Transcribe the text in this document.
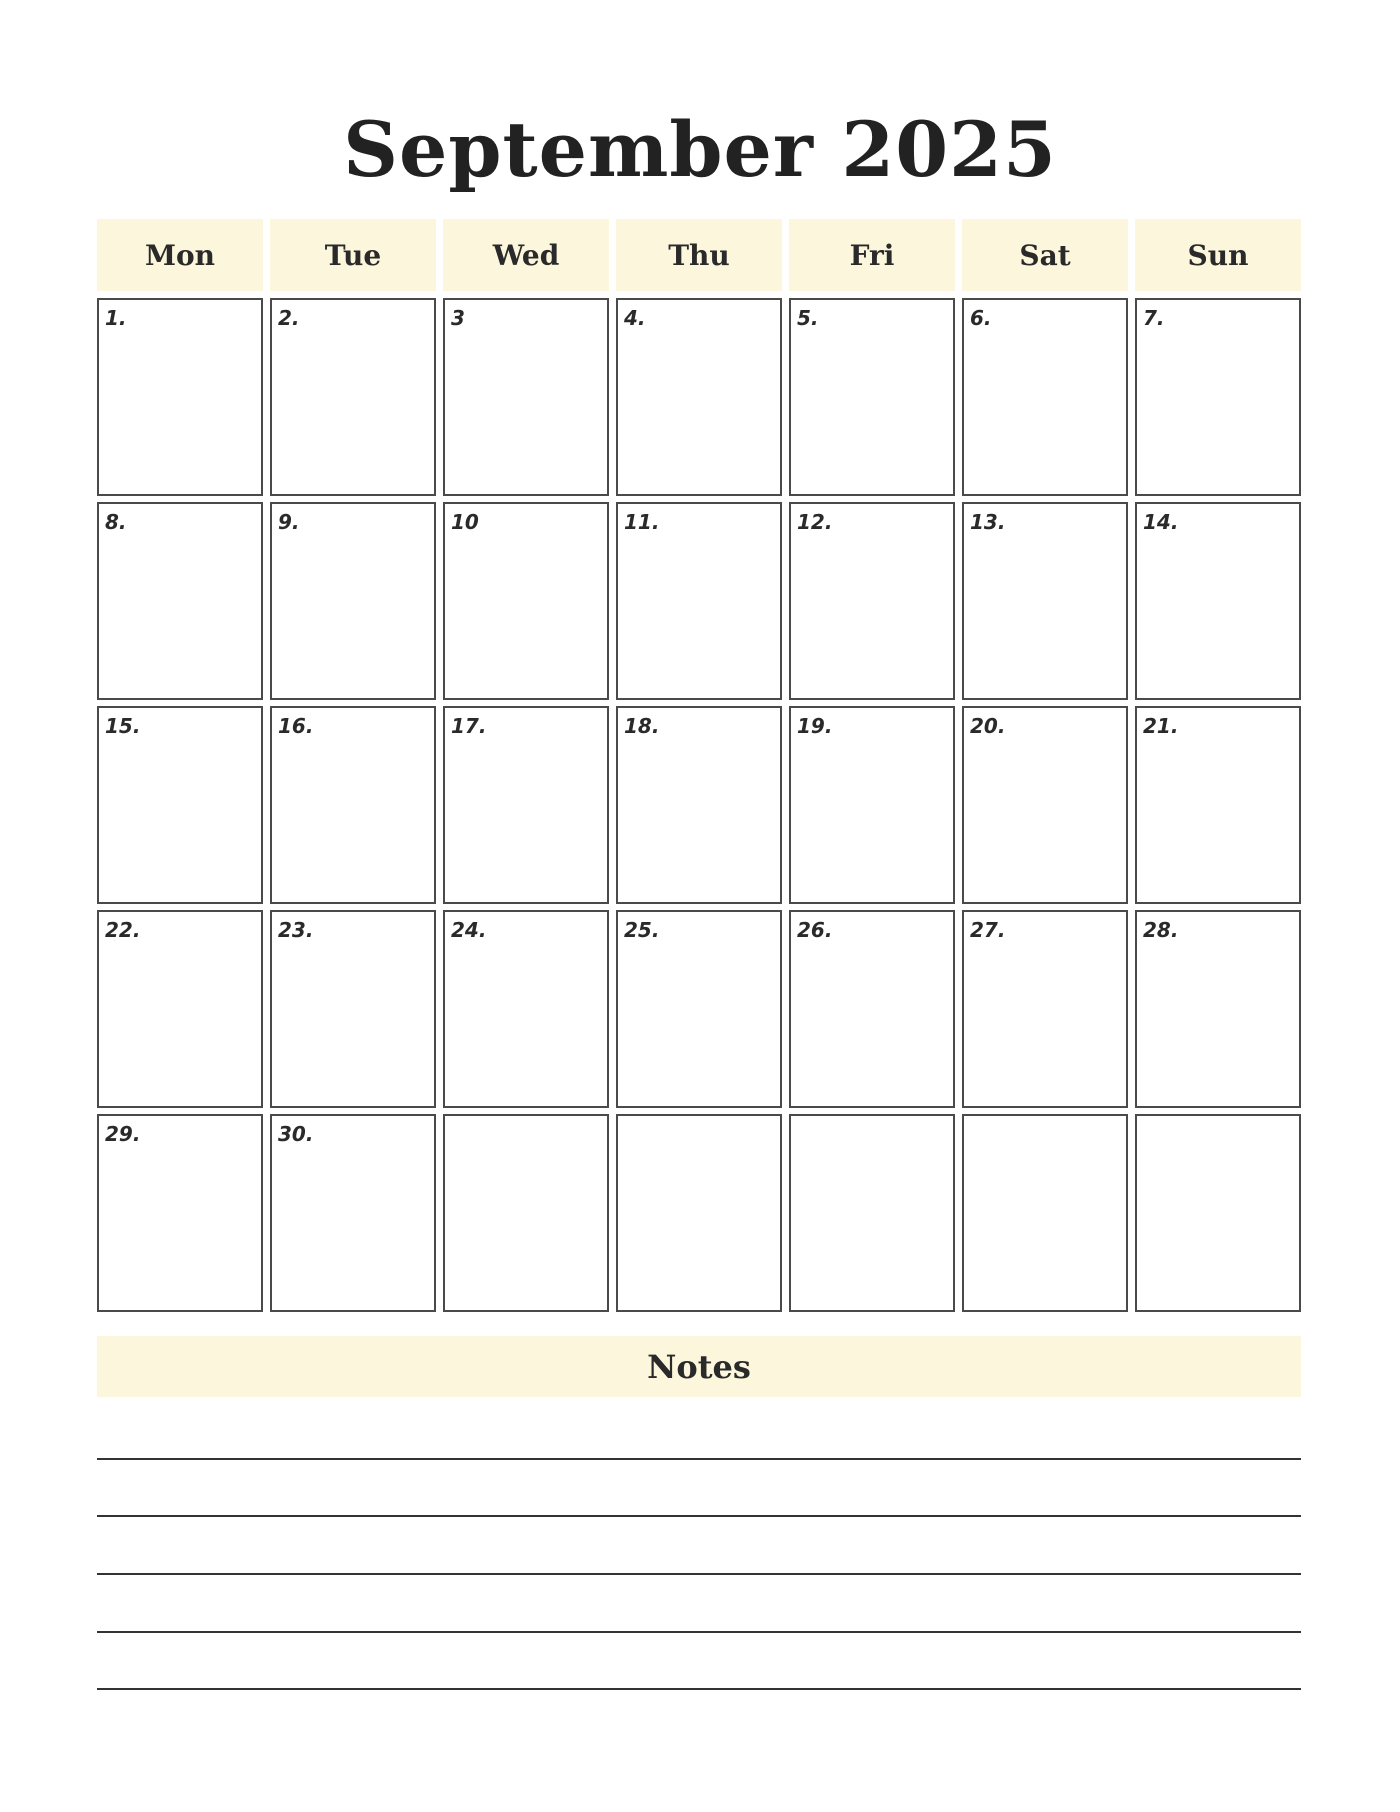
September 2025
Mon	Tue	Wed	Thu	Fri	Sat	Sun
1.	2.	3	4.	5.	6.	7.
8.	9.	10	11.	12.	13.	14.
15.	16.	17.	18.	19.	20.	21.
22.	23.	24.	25.	26.	27.	28.
29.	30.
Notes
